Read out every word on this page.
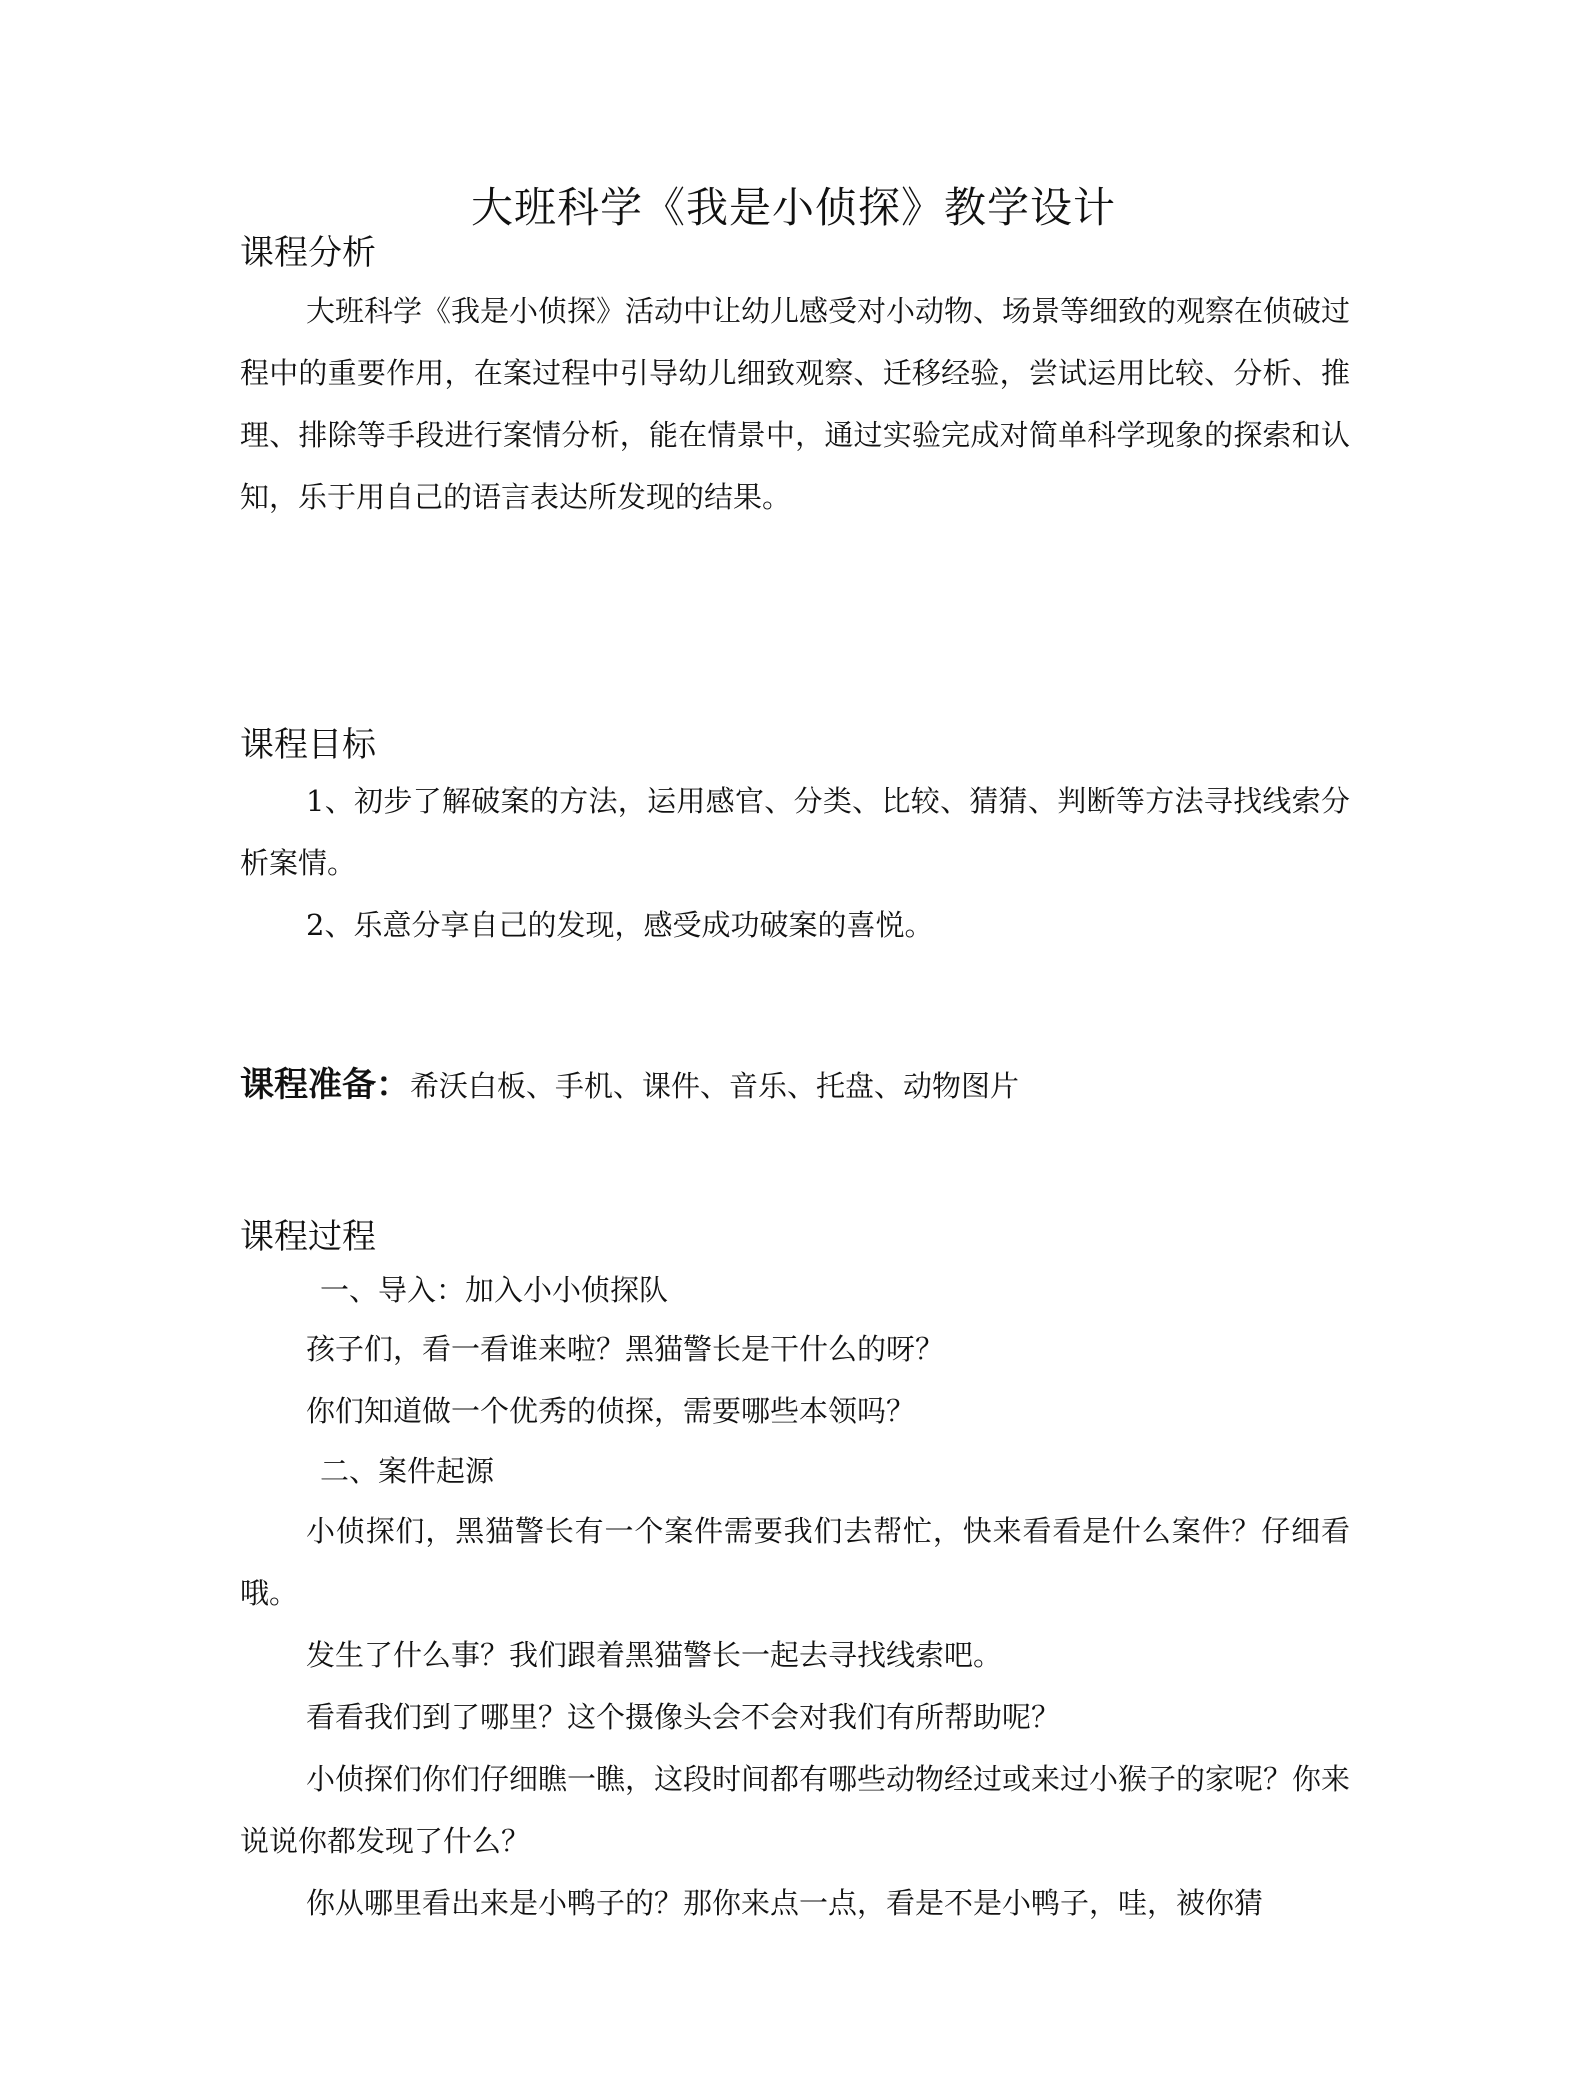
大班科学《我是小侦探》教学设计
课程分析

大班科学《我是小侦探》活动中让幼儿感受对小动物、场景等细致的观察在侦破过程中的重要作用，在案过程中引导幼儿细致观察、迁移经验，尝试运用比较、分析、推理、排除等手段进行案情分析，能在情景中，通过实验完成对简单科学现象的探索和认知，乐于用自己的语言表达所发现的结果。

课程目标

1、初步了解破案的方法，运用感官、分类、比较、猜猜、判断等方法寻找线索分析案情。

2、乐意分享自己的发现，感受成功破案的喜悦。

课程准备：希沃白板、手机、课件、音乐、托盘、动物图片
课程过程

一、导入：加入小小侦探队

孩子们，看一看谁来啦？黑猫警长是干什么的呀？

你们知道做一个优秀的侦探，需要哪些本领吗？

二、案件起源

小侦探们，黑猫警长有一个案件需要我们去帮忙，快来看看是什么案件？仔细看哦。

发生了什么事？我们跟着黑猫警长一起去寻找线索吧。

看看我们到了哪里？这个摄像头会不会对我们有所帮助呢？

小侦探们你们仔细瞧一瞧，这段时间都有哪些动物经过或来过小猴子的家呢？你来说说你都发现了什么？

你从哪里看出来是小鸭子的？那你来点一点，看是不是小鸭子，哇，被你猜
